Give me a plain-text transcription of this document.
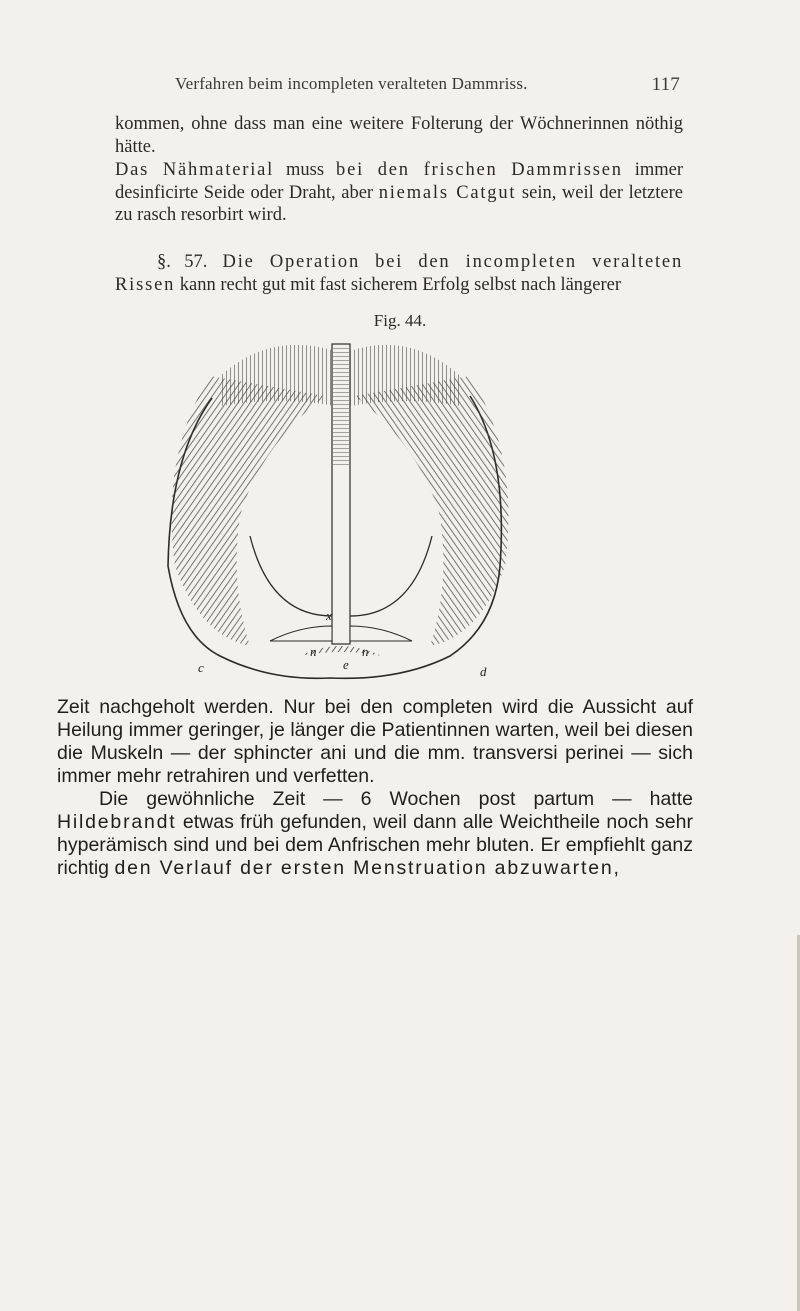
Verfahren beim incompleten veralteten Dammriss.	117

kommen, ohne dass man eine weitere Folterung der Wöchnerinnen nöthig hätte.

Das Nähmaterial muss bei den frischen Dammrissen immer desinficirte Seide oder Draht, aber niemals Catgut sein, weil der letztere zu rasch resorbirt wird.

§. 57. Die Operation bei den incompleten veralteten Rissen kann recht gut mit fast sicherem Erfolg selbst nach längerer

Fig. 44.
x
n	n
e
c	d

Zeit nachgeholt werden. Nur bei den completen wird die Aussicht auf Heilung immer geringer, je länger die Patientinnen warten, weil bei diesen die Muskeln — der sphincter ani und die mm. transversi perinei — sich immer mehr retrahiren und verfetten.

Die gewöhnliche Zeit — 6 Wochen post partum — hatte Hildebrandt etwas früh gefunden, weil dann alle Weichtheile noch sehr hyperämisch sind und bei dem Anfrischen mehr bluten. Er empfiehlt ganz richtig den Verlauf der ersten Menstruation abzuwarten,
